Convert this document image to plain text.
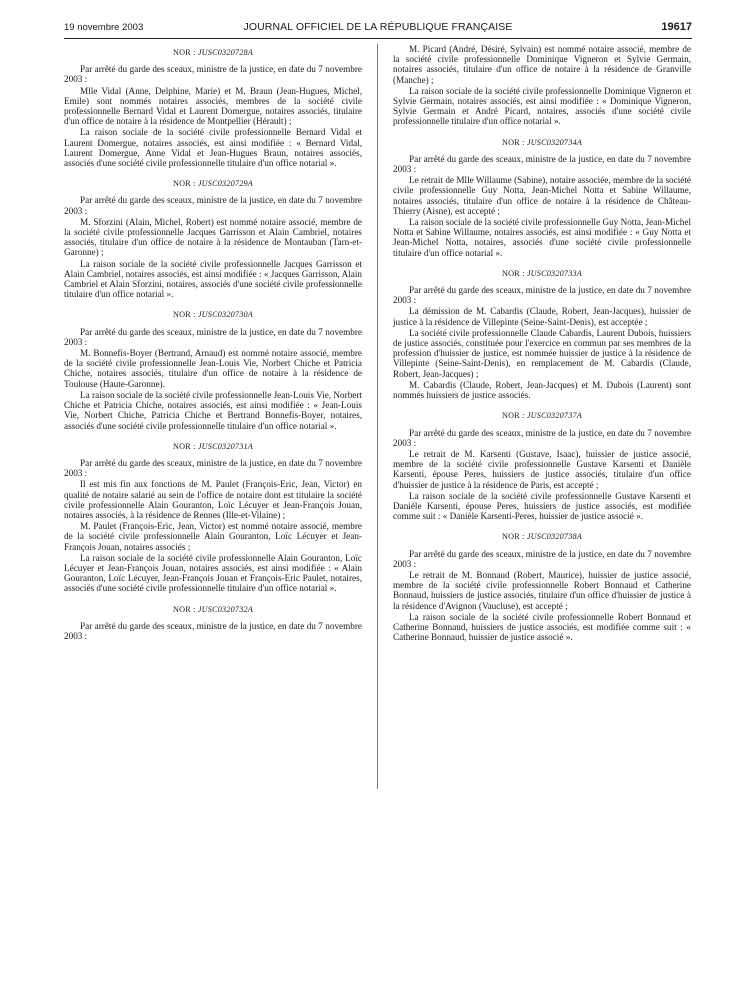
19 novembre 2003	JOURNAL OFFICIEL DE LA RÉPUBLIQUE FRANÇAISE	19617
NOR : JUSC0320728A

Par arrêté du garde des sceaux, ministre de la justice, en date du 7 novembre 2003 :

Mlle Vidal (Anne, Delphine, Marie) et M. Braun (Jean-Hugues, Michel, Emile) sont nommés notaires associés, membres de la société civile professionnelle Bernard Vidal et Laurent Domergue, notaires associés, titulaire d'un office de notaire à la résidence de Montpellier (Hérault) ;

La raison sociale de la société civile professionnelle Bernard Vidal et Laurent Domergue, notaires associés, est ainsi modifiée : « Bernard Vidal, Laurent Domergue, Anne Vidal et Jean-Hugues Braun, notaires associés, associés d'une société civile professionnelle titulaire d'un office notarial ».

NOR : JUSC0320729A

Par arrêté du garde des sceaux, ministre de la justice, en date du 7 novembre 2003 :

M. Sforzini (Alain, Michel, Robert) est nommé notaire associé, membre de la société civile professionnelle Jacques Garrisson et Alain Cambriel, notaires associés, titulaire d'un office de notaire à la résidence de Montauban (Tarn-et-Garonne) ;

La raison sociale de la société civile professionnelle Jacques Garrisson et Alain Cambriel, notaires associés, est ainsi modifiée : « Jacques Garrisson, Alain Cambriel et Alain Sforzini, notaires, associés d'une société civile professionnelle titulaire d'un office notarial ».

NOR : JUSC0320730A

Par arrêté du garde des sceaux, ministre de la justice, en date du 7 novembre 2003 :

M. Bonnefis-Boyer (Bertrand, Arnaud) est nommé notaire associé, membre de la société civile professionnelle Jean-Louis Vie, Norbert Chiche et Patricia Chiche, notaires associés, titulaire d'un office de notaire à la résidence de Toulouse (Haute-Garonne).

La raison sociale de la société civile professionnelle Jean-Louis Vie, Norbert Chiche et Patricia Chiche, notaires associés, est ainsi modifiée : « Jean-Louis Vie, Norbert Chiche, Patricia Chiche et Bertrand Bonnefis-Boyer, notaires, associés d'une société civile professionnelle titulaire d'un office notarial ».

NOR : JUSC0320731A

Par arrêté du garde des sceaux, ministre de la justice, en date du 7 novembre 2003 :

Il est mis fin aux fonctions de M. Paulet (François-Eric, Jean, Victor) en qualité de notaire salarié au sein de l'office de notaire dont est titulaire la société civile professionnelle Alain Gouranton, Loïc Lécuyer et Jean-François Jouan, notaires associés, à la résidence de Rennes (Ille-et-Vilaine) ;

M. Paulet (François-Eric, Jean, Victor) est nommé notaire associé, membre de la société civile professionnelle Alain Gouranton, Loïc Lécuyer et Jean-François Jouan, notaires associés ;

La raison sociale de la société civile professionnelle Alain Gouranton, Loïc Lécuyer et Jean-François Jouan, notaires associés, est ainsi modifiée : « Alain Gouranton, Loïc Lécuyer, Jean-François Jouan et François-Eric Paulet, notaires, associés d'une société civile professionnelle titulaire d'un office notarial ».

NOR : JUSC0320732A

Par arrêté du garde des sceaux, ministre de la justice, en date du 7 novembre 2003 :

M. Picard (André, Désiré, Sylvain) est nommé notaire associé, membre de la société civile professionnelle Dominique Vigneron et Sylvie Germain, notaires associés, titulaire d'un office de notaire à la résidence de Granville (Manche) ;

La raison sociale de la société civile professionnelle Dominique Vigneron et Sylvie Germain, notaires associés, est ainsi modifiée : « Dominique Vigneron, Sylvie Germain et André Picard, notaires, associés d'une société civile professionnelle titulaire d'un office notarial ».

NOR : JUSC0320734A

Par arrêté du garde des sceaux, ministre de la justice, en date du 7 novembre 2003 :

Le retrait de Mlle Willaume (Sabine), notaire associée, membre de la société civile professionnelle Guy Notta, Jean-Michel Notta et Sabine Willaume, notaires associés, titulaire d'un office de notaire à la résidence de Château-Thierry (Aisne), est accepté ;

La raison sociale de la société civile professionnelle Guy Notta, Jean-Michel Notta et Sabine Willaume, notaires associés, est ainsi modifiée : « Guy Notta et Jean-Michel Notta, notaires, associés d'une société civile professionnelle titulaire d'un office notarial ».

NOR : JUSC0320733A

Par arrêté du garde des sceaux, ministre de la justice, en date du 7 novembre 2003 :

La démission de M. Cabardis (Claude, Robert, Jean-Jacques), huissier de justice à la résidence de Villepinte (Seine-Saint-Denis), est acceptée ;

La société civile professionnelle Claude Cabardis, Laurent Dubois, huissiers de justice associés, constituée pour l'exercice en commun par ses membres de la profession d'huissier de justice, est nommée huissier de justice à la résidence de Villepinte (Seine-Saint-Denis), en remplacement de M. Cabardis (Claude, Robert, Jean-Jacques) ;

M. Cabardis (Claude, Robert, Jean-Jacques) et M. Dubois (Laurent) sont nommés huissiers de justice associés.

NOR : JUSC0320737A

Par arrêté du garde des sceaux, ministre de la justice, en date du 7 novembre 2003 :

Le retrait de M. Karsenti (Gustave, Isaac), huissier de justice associé, membre de la société civile professionnelle Gustave Karsenti et Danièle Karsenti, épouse Peres, huissiers de justice associés, titulaire d'un office d'huissier de justice à la résidence de Paris, est accepté ;

La raison sociale de la société civile professionnelle Gustave Karsenti et Danièle Karsenti, épouse Peres, huissiers de justice associés, est modifiée comme suit : « Danièle Karsenti-Peres, huissier de justice associé ».

NOR : JUSC0320738A

Par arrêté du garde des sceaux, ministre de la justice, en date du 7 novembre 2003 :

Le retrait de M. Bonnaud (Robert, Maurice), huissier de justice associé, membre de la société civile professionnelle Robert Bonnaud et Catherine Bonnaud, huissiers de justice associés, titulaire d'un office d'huissier de justice à la résidence d'Avignon (Vaucluse), est accepté ;

La raison sociale de la société civile professionnelle Robert Bonnaud et Catherine Bonnaud, huissiers de justice associés, est modifiée comme suit : « Catherine Bonnaud, huissier de justice associé ».
